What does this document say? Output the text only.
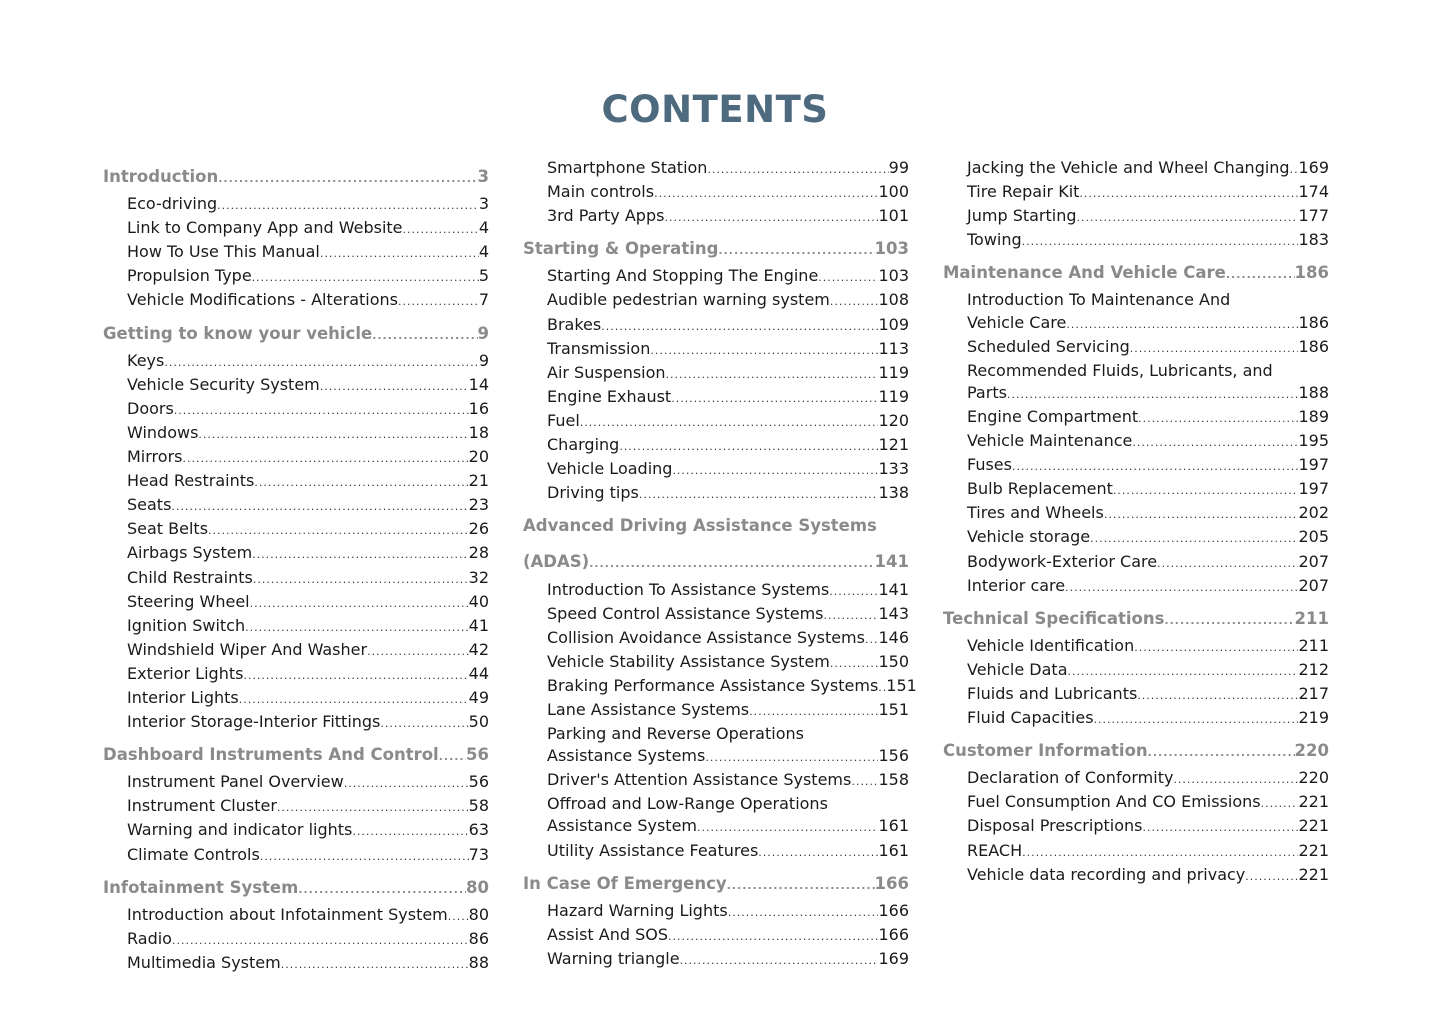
CONTENTS
Introduction .....	3
Eco-driving .....	3
Link to Company App and Website .....	4
How To Use This Manual .....	4
Propulsion Type .....	5
Vehicle Modifications - Alterations .....	7
Getting to know your vehicle .....	9
Keys .....	9
Vehicle Security System .....	14
Doors .....	16
Windows .....	18
Mirrors .....	20
Head Restraints .....	21
Seats .....	23
Seat Belts .....	26
Airbags System .....	28
Child Restraints .....	32
Steering Wheel .....	40
Ignition Switch .....	41
Windshield Wiper And Washer .....	42
Exterior Lights .....	44
Interior Lights .....	49
Interior Storage-Interior Fittings .....	50
Dashboard Instruments And Control ..... 56
Instrument Panel Overview .....	56
Instrument Cluster .....	58
Warning and indicator lights .....	63
Climate Controls .....	73
Infotainment System .....	80
Introduction about Infotainment System ..... 80
Radio .....	86
Multimedia System .....	88
Smartphone Station .....	99
Main controls .....	100
3rd Party Apps .....	101
Starting & Operating .....	103
Starting And Stopping The Engine .....	103
Audible pedestrian warning system .....	108
Brakes .....	109
Transmission .....	113
Air Suspension .....	119
Engine Exhaust .....	119
Fuel .....	120
Charging .....	121
Vehicle Loading .....	133
Driving tips .....	138
Advanced Driving Assistance Systems
(ADAS) .....	141
Introduction To Assistance Systems .....	141
Speed Control Assistance Systems .....	143
Collision Avoidance Assistance Systems ..... 146
Vehicle Stability Assistance System .....	150
Braking Performance Assistance Systems ..... 151
Lane Assistance Systems .....	151
Parking and Reverse Operations
Assistance Systems .....	156
Driver's Attention Assistance Systems ..... 158
Offroad and Low-Range Operations
Assistance System .....	161
Utility Assistance Features .....	161
In Case Of Emergency .....	166
Hazard Warning Lights .....	166
Assist And SOS .....	166
Warning triangle .....	169
Jacking the Vehicle and Wheel Changing ..... 169
Tire Repair Kit .....	174
Jump Starting .....	177
Towing .....	183
Maintenance And Vehicle Care .....	186
Introduction To Maintenance And
Vehicle Care .....	186
Scheduled Servicing .....	186
Recommended Fluids, Lubricants, and
Parts .....	188
Engine Compartment .....	189
Vehicle Maintenance .....	195
Fuses .....	197
Bulb Replacement .....	197
Tires and Wheels .....	202
Vehicle storage .....	205
Bodywork-Exterior Care .....	207
Interior care .....	207
Technical Specifications .....	211
Vehicle Identification .....	211
Vehicle Data .....	212
Fluids and Lubricants .....	217
Fluid Capacities .....	219
Customer Information .....	220
Declaration of Conformity .....	220
Fuel Consumption And CO Emissions ..... 221
Disposal Prescriptions .....	221
REACH .....	221
Vehicle data recording and privacy .....	221
